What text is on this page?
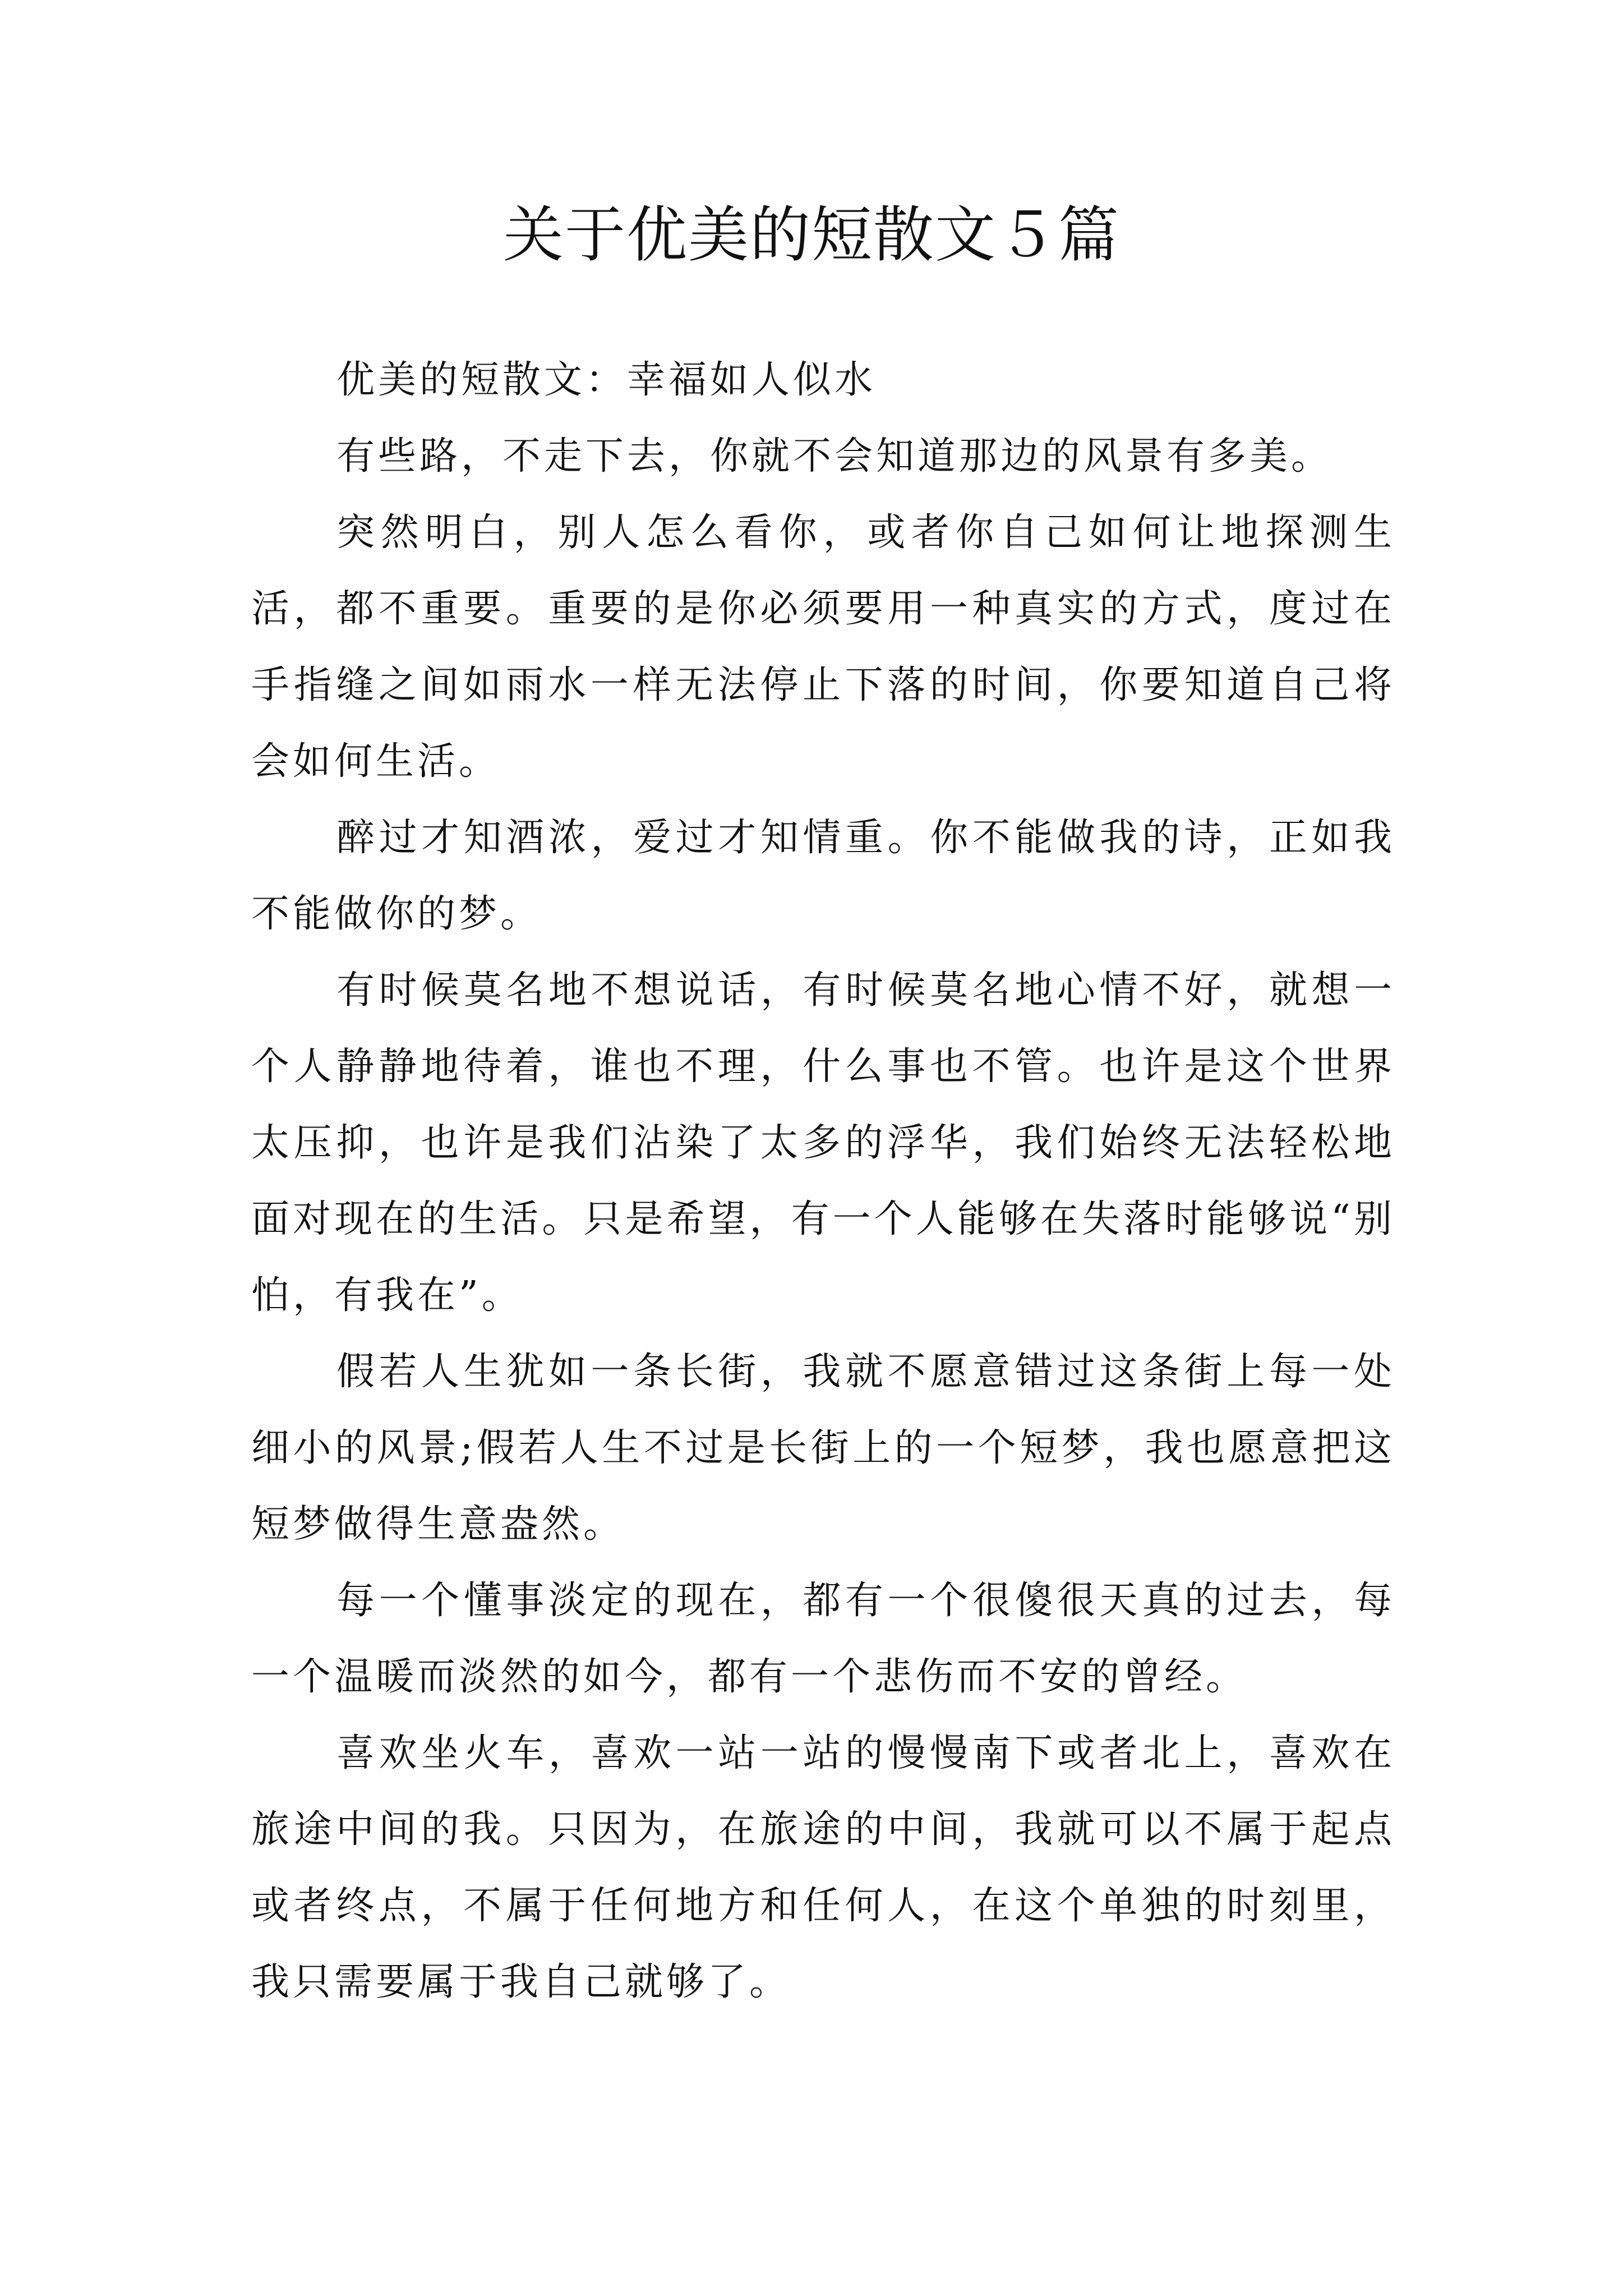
关于优美的短散文５篇

优美的短散文：幸福如人似水

有些路，不走下去，你就不会知道那边的风景有多美。

突然明白，别人怎么看你，或者你自己如何让地探测生活，都不重要。重要的是你必须要用一种真实的方式，度过在手指缝之间如雨水一样无法停止下落的时间，你要知道自己将会如何生活。

醉过才知酒浓，爱过才知情重。你不能做我的诗，正如我不能做你的梦。

有时候莫名地不想说话，有时候莫名地心情不好，就想一个人静静地待着，谁也不理，什么事也不管。也许是这个世界太压抑，也许是我们沾染了太多的浮华，我们始终无法轻松地面对现在的生活。只是希望，有一个人能够在失落时能够说“别怕，有我在”。

假若人生犹如一条长街，我就不愿意错过这条街上每一处细小的风景;假若人生不过是长街上的一个短梦，我也愿意把这短梦做得生意盎然。

每一个懂事淡定的现在，都有一个很傻很天真的过去，每一个温暖而淡然的如今，都有一个悲伤而不安的曾经。

喜欢坐火车，喜欢一站一站的慢慢南下或者北上，喜欢在旅途中间的我。只因为，在旅途的中间，我就可以不属于起点或者终点，不属于任何地方和任何人，在这个单独的时刻里，我只需要属于我自己就够了。
